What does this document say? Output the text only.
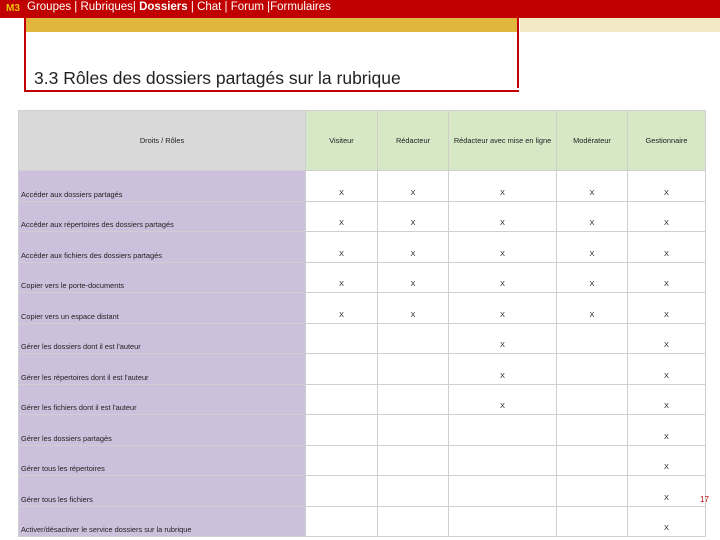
M3 Groupes | Rubriques| Dossiers | Chat | Forum |Formulaires
3.3 Rôles des dossiers partagés sur la rubrique
Droits / Rôles	Visiteur	Rédacteur	Rédacteur avec mise en ligne	Modérateur	Gestionnaire
Accéder aux dossiers partagés	X	X	X	X	X
Accéder aux répertoires des dossiers partagés	X	X	X	X	X
Accéder aux fichiers des dossiers partagés	X	X	X	X	X
Copier vers le porte-documents	X	X	X	X	X
Copier vers un espace distant	X	X	X	X	X
Gérer les dossiers dont il est l'auteur			X		X
Gérer les répertoires dont il est l'auteur			X		X
Gérer les fichiers dont il est l'auteur			X		X
Gérer les dossiers partagés					X
Gérer tous les répertoires					X
Gérer tous les fichiers					X
Activer/désactiver le service dossiers sur la rubrique					X
17
